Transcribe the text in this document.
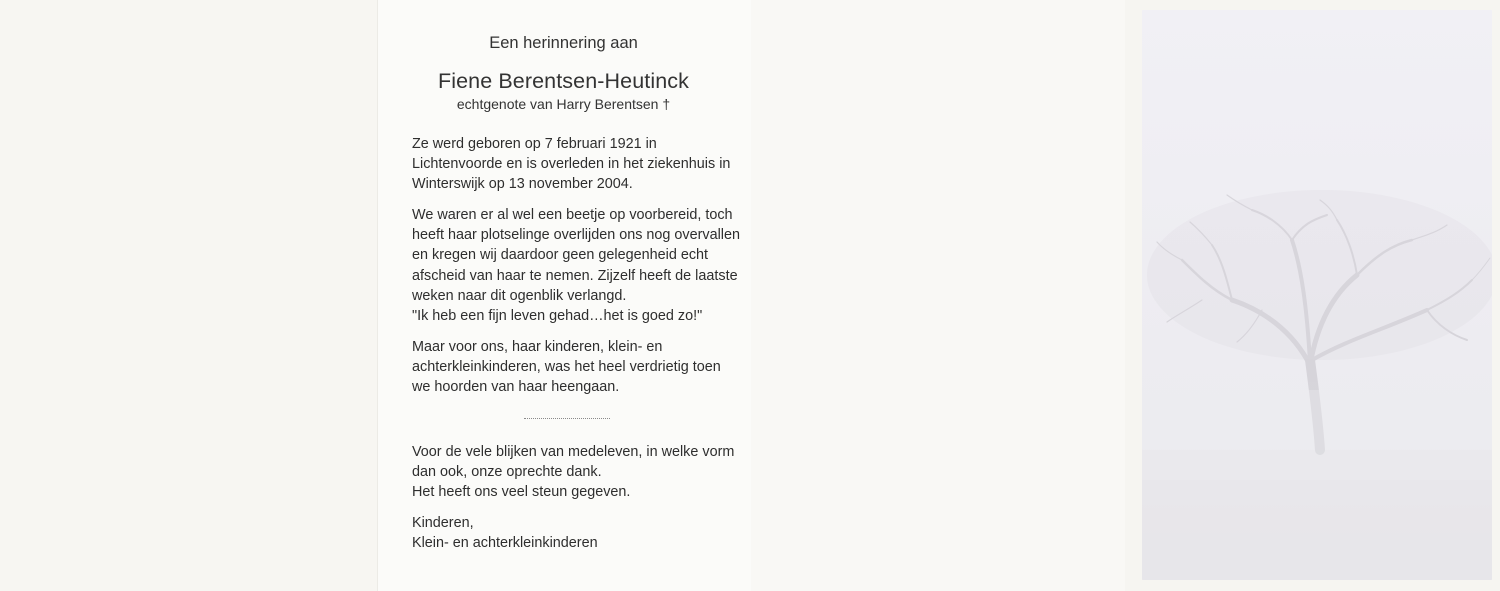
Een herinnering aan
Fiene Berentsen-Heutinck
echtgenote van Harry Berentsen †

Ze werd geboren op 7 februari 1921 in
Lichtenvoorde en is overleden in het ziekenhuis in
Winterswijk op 13 november 2004.

We waren er al wel een beetje op voorbereid, toch
heeft haar plotselinge overlijden ons nog overvallen
en kregen wij daardoor geen gelegenheid echt
afscheid van haar te nemen. Zijzelf heeft de laatste
weken naar dit ogenblik verlangd.
"Ik heb een fijn leven gehad…het is goed zo!"

Maar voor ons, haar kinderen, klein- en
achterkleinkinderen, was het heel verdrietig toen
we hoorden van haar heengaan.

Voor de vele blijken van medeleven, in welke vorm
dan ook, onze oprechte dank.
Het heeft ons veel steun gegeven.

Kinderen,
Klein- en achterkleinkinderen
